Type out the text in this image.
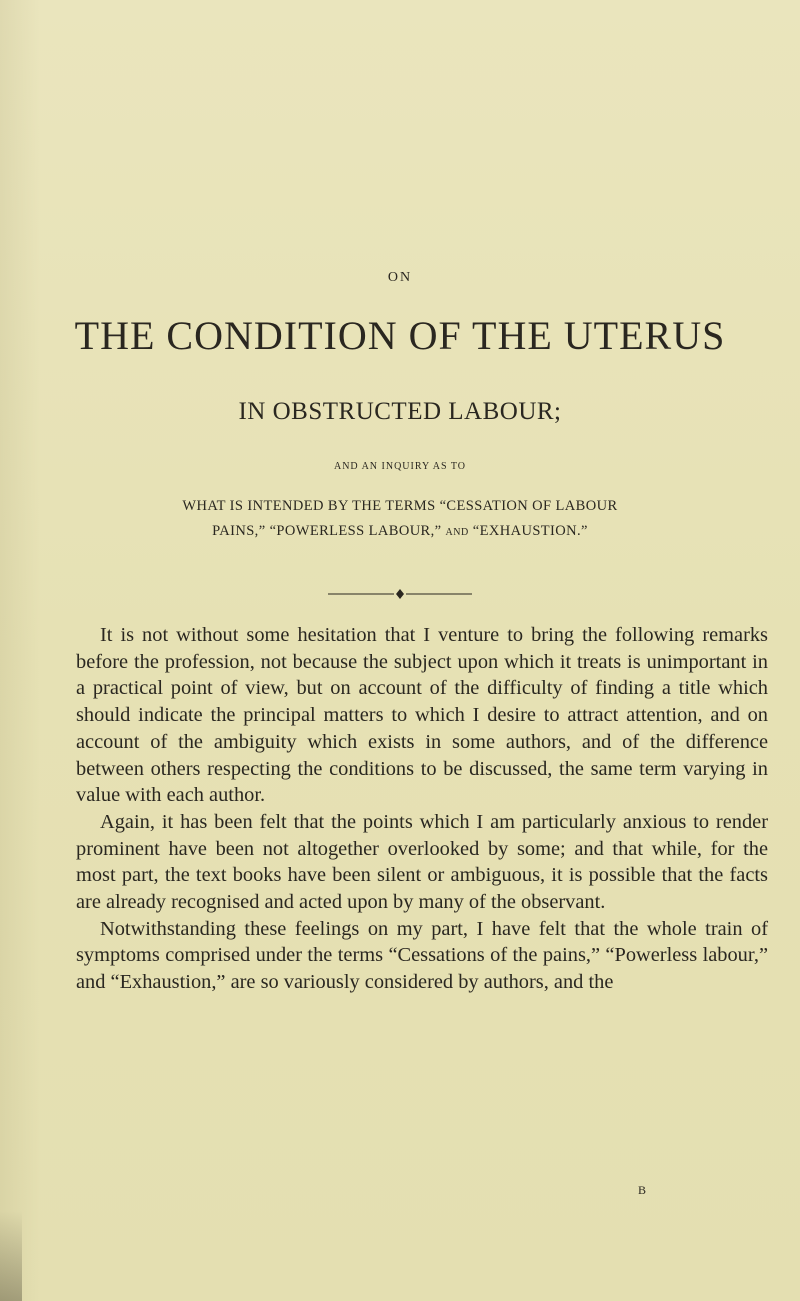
ON
THE CONDITION OF THE UTERUS
IN OBSTRUCTED LABOUR;
AND AN INQUIRY AS TO
WHAT IS INTENDED BY THE TERMS “CESSATION OF LABOUR
PAINS,” “POWERLESS LABOUR,” AND “EXHAUSTION.”

It is not without some hesitation that I venture to bring the following remarks before the profession, not because the subject upon which it treats is unimportant in a practical point of view, but on account of the difficulty of finding a title which should indicate the principal matters to which I desire to attract attention, and on account of the ambiguity which exists in some authors, and of the difference between others respecting the conditions to be discussed, the same term varying in value with each author.

Again, it has been felt that the points which I am particularly anxious to render prominent have been not altogether overlooked by some; and that while, for the most part, the text books have been silent or ambiguous, it is possible that the facts are already recognised and acted upon by many of the observant.

Notwithstanding these feelings on my part, I have felt that the whole train of symptoms comprised under the terms “Cessations of the pains,” “Powerless labour,” and “Exhaustion,” are so variously considered by authors, and the

B
